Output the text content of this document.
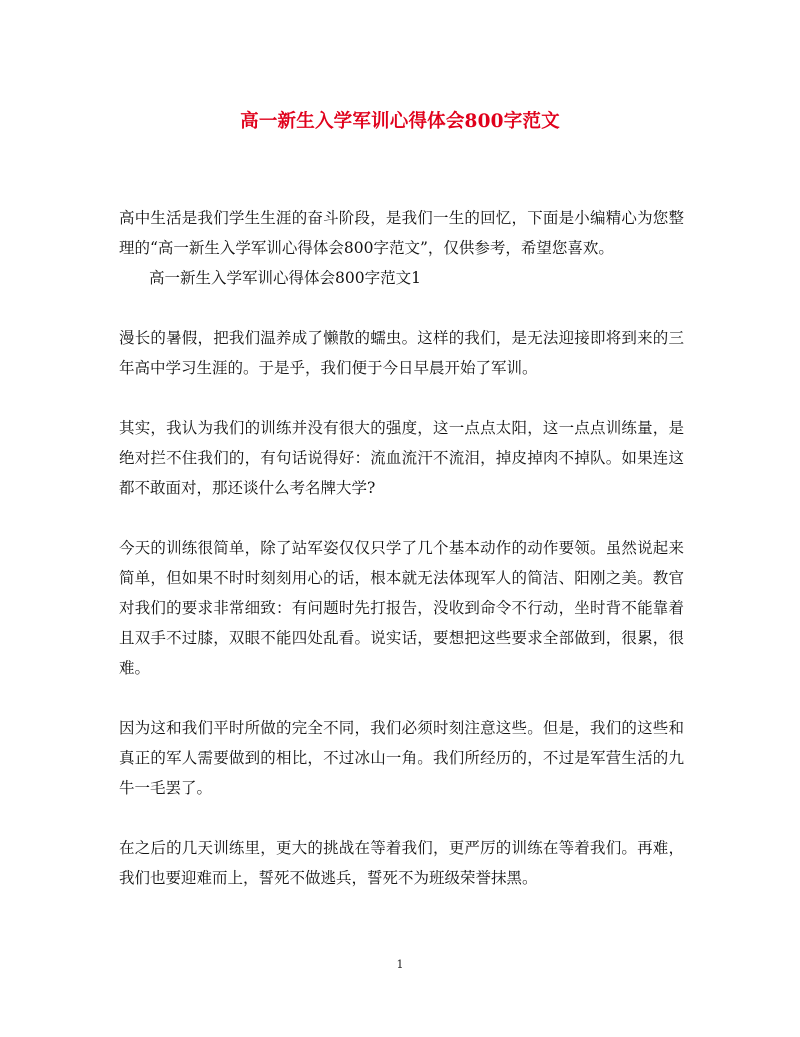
高一新生入学军训心得体会800字范文

高中生活是我们学生生涯的奋斗阶段，是我们一生的回忆，下面是小编精心为您整理的“高一新生入学军训心得体会800字范文”，仅供参考，希望您喜欢。

高一新生入学军训心得体会800字范文1

漫长的暑假，把我们温养成了懒散的蠕虫。这样的我们，是无法迎接即将到来的三年高中学习生涯的。于是乎，我们便于今日早晨开始了军训。

其实，我认为我们的训练并没有很大的强度，这一点点太阳，这一点点训练量，是绝对拦不住我们的，有句话说得好：流血流汗不流泪，掉皮掉肉不掉队。如果连这都不敢面对，那还谈什么考名牌大学?

今天的训练很简单，除了站军姿仅仅只学了几个基本动作的动作要领。虽然说起来简单，但如果不时时刻刻用心的话，根本就无法体现军人的简洁、阳刚之美。教官对我们的要求非常细致：有问题时先打报告，没收到命令不行动，坐时背不能靠着且双手不过膝，双眼不能四处乱看。说实话，要想把这些要求全部做到，很累，很难。

因为这和我们平时所做的完全不同，我们必须时刻注意这些。但是，我们的这些和真正的军人需要做到的相比，不过冰山一角。我们所经历的，不过是军营生活的九牛一毛罢了。

在之后的几天训练里，更大的挑战在等着我们，更严厉的训练在等着我们。再难，我们也要迎难而上，誓死不做逃兵，誓死不为班级荣誉抹黑。

1
